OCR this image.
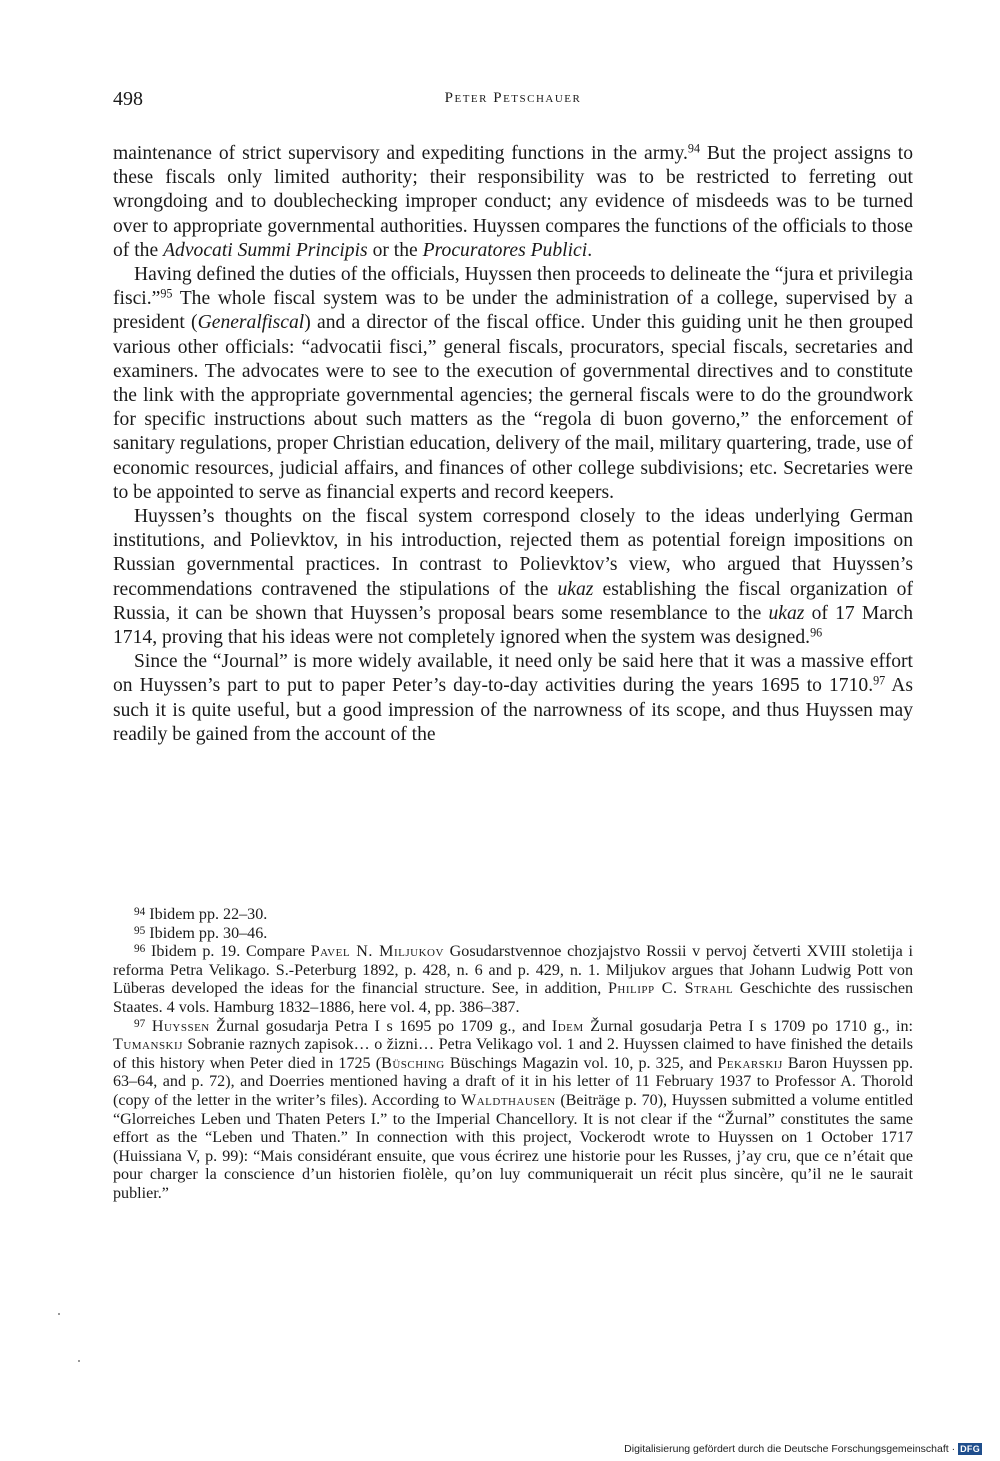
498	Peter Petschauer

maintenance of strict supervisory and expediting functions in the army.$^{94}$ But the project assigns to these fiscals only limited authority; their responsibility was to be restricted to ferreting out wrongdoing and to doublechecking improper conduct; any evidence of misdeeds was to be turned over to appropriate governmental authorities. Huyssen compares the functions of the officials to those of the Advocati Summi Principis or the Procuratores Publici.

Having defined the duties of the officials, Huyssen then proceeds to delineate the “jura et privilegia fisci.”$^{95}$ The whole fiscal system was to be under the administration of a college, supervised by a president (Generalfiscal) and a director of the fiscal office. Under this guiding unit he then grouped various other officials: “advocatii fisci,” general fiscals, procurators, special fiscals, secretaries and examiners. The advocates were to see to the execution of governmental directives and to constitute the link with the appropriate governmental agencies; the gerneral fiscals were to do the groundwork for specific instructions about such matters as the “regola di buon governo,” the enforcement of sanitary regulations, proper Christian education, delivery of the mail, military quartering, trade, use of economic resources, judicial affairs, and finances of other college subdivisions; etc. Secretaries were to be appointed to serve as financial experts and record keepers.

Huyssen’s thoughts on the fiscal system correspond closely to the ideas underlying German institutions, and Polievktov, in his introduction, rejected them as potential foreign impositions on Russian governmental practices. In contrast to Polievktov’s view, who argued that Huyssen’s recommendations contravened the stipulations of the ukaz establishing the fiscal organization of Russia, it can be shown that Huyssen’s proposal bears some resemblance to the ukaz of 17 March 1714, proving that his ideas were not completely ignored when the system was designed.$^{96}$

Since the “Journal” is more widely available, it need only be said here that it was a massive effort on Huyssen’s part to put to paper Peter’s day-to-day activities during the years 1695 to 1710.97 As such it is quite useful, but a good impression of the narrowness of its scope, and thus Huyssen may readily be gained from the account of the

$^{94}$ Ibidem pp. 22–30.

$^{95}$ Ibidem pp. 30–46.

$^{96}$ Ibidem p. 19. Compare Pavel N. Miljukov Gosudarstvennoe chozjajstvo Rossii v pervoj četverti XVIII stoletija i reforma Petra Velikago. S.-Peterburg 1892, p. 428, n. 6 and p. 429, n. 1. Miljukov argues that Johann Ludwig Pott von Lüberas developed the ideas for the financial structure. See, in addition, Philipp C. Strahl Geschichte des russischen Staates. 4 vols. Hamburg 1832–1886, here vol. 4, pp. 386–387.

$^{97}$ Huyssen Žurnal gosudarja Petra I s 1695 po 1709 g., and Idem Žurnal gosudarja Petra I s 1709 po 1710 g., in: Tumanskij Sobranie raznych zapisok… o žizni… Petra Velikago vol. 1 and 2. Huyssen claimed to have finished the details of this history when Peter died in 1725 (Büsching Büschings Magazin vol. 10, p. 325, and Pekarskij Baron Huyssen pp. 63–64, and p. 72), and Doerries mentioned having a draft of it in his letter of 11 February 1937 to Professor A. Thorold (copy of the letter in the writer’s files). According to Waldthausen (Beiträge p. 70), Huyssen submitted a volume entitled “Glorreiches Leben und Thaten Peters I.” to the Imperial Chancellory. It is not clear if the “Žurnal” constitutes the same effort as the “Leben und Thaten.” In connection with this project, Vockerodt wrote to Huyssen on 1 October 1717 (Huissiana V, p. 99): “Mais considérant ensuite, que vous écrirez une historie pour les Russes, j’ay cru, que ce n’était que pour charger la conscience d’un historien fiolèle, qu’on luy communiquerait un récit plus sincère, qu’il ne le saurait publier.”

Digitalisierung gefördert durch die Deutsche Forschungsgemeinschaft · DFG
